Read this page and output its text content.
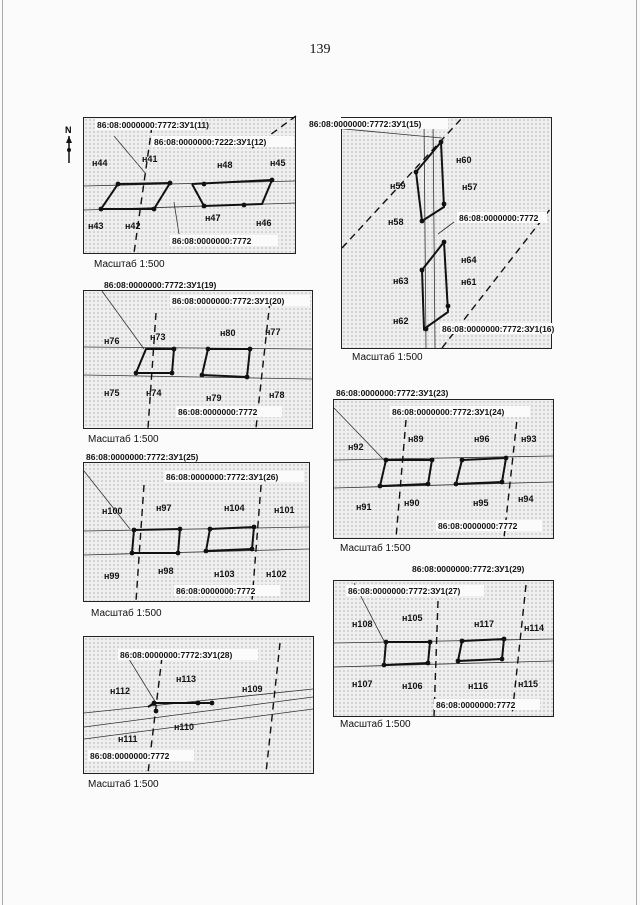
139
86:08:0000000:7772:ЗУ1(11)
86:08:0000000:7222:ЗУ1(12)
86:08:0000000:7772
н41
н42
н43
н44	н45
н46
н47
н48
Масштаб 1:500
N
86:08:0000000:7772:ЗУ1(15)
86:08:0000000:7772
86:08:0000000:7772:ЗУ1(16)
н57
н58
н59
н60
н61
н62
н63
н64
Масштаб 1:500
86:08:0000000:7772:ЗУ1(19)
86:08:0000000:7772:ЗУ1(20)
86:08:0000000:7772
н73
н74
н75
н76
н77
н78
н79
н80
Масштаб 1:500
86:08:0000000:7772:ЗУ1(23)
86:08:0000000:7772:ЗУ1(24)
86:08:0000000:7772
н89
н90
н91
н92
н93
н94
н95
н96
Масштаб 1:500
86:08:0000000:7772:ЗУ1(25)
86:08:0000000:7772:ЗУ1(26)
86:08:0000000:7772
н97
н98
н99
н100	н101
н102
н103
н104
Масштаб 1:500
86:08:0000000:7772:ЗУ1(29)
86:08:0000000:7772:ЗУ1(27)
86:08:0000000:7772
н105
н106
н107
н108	н114
н115
н116
н117
Масштаб 1:500
86:08:0000000:7772:ЗУ1(28)
86:08:0000000:7772
н109
н110
н111
н112
н113
Масштаб 1:500
